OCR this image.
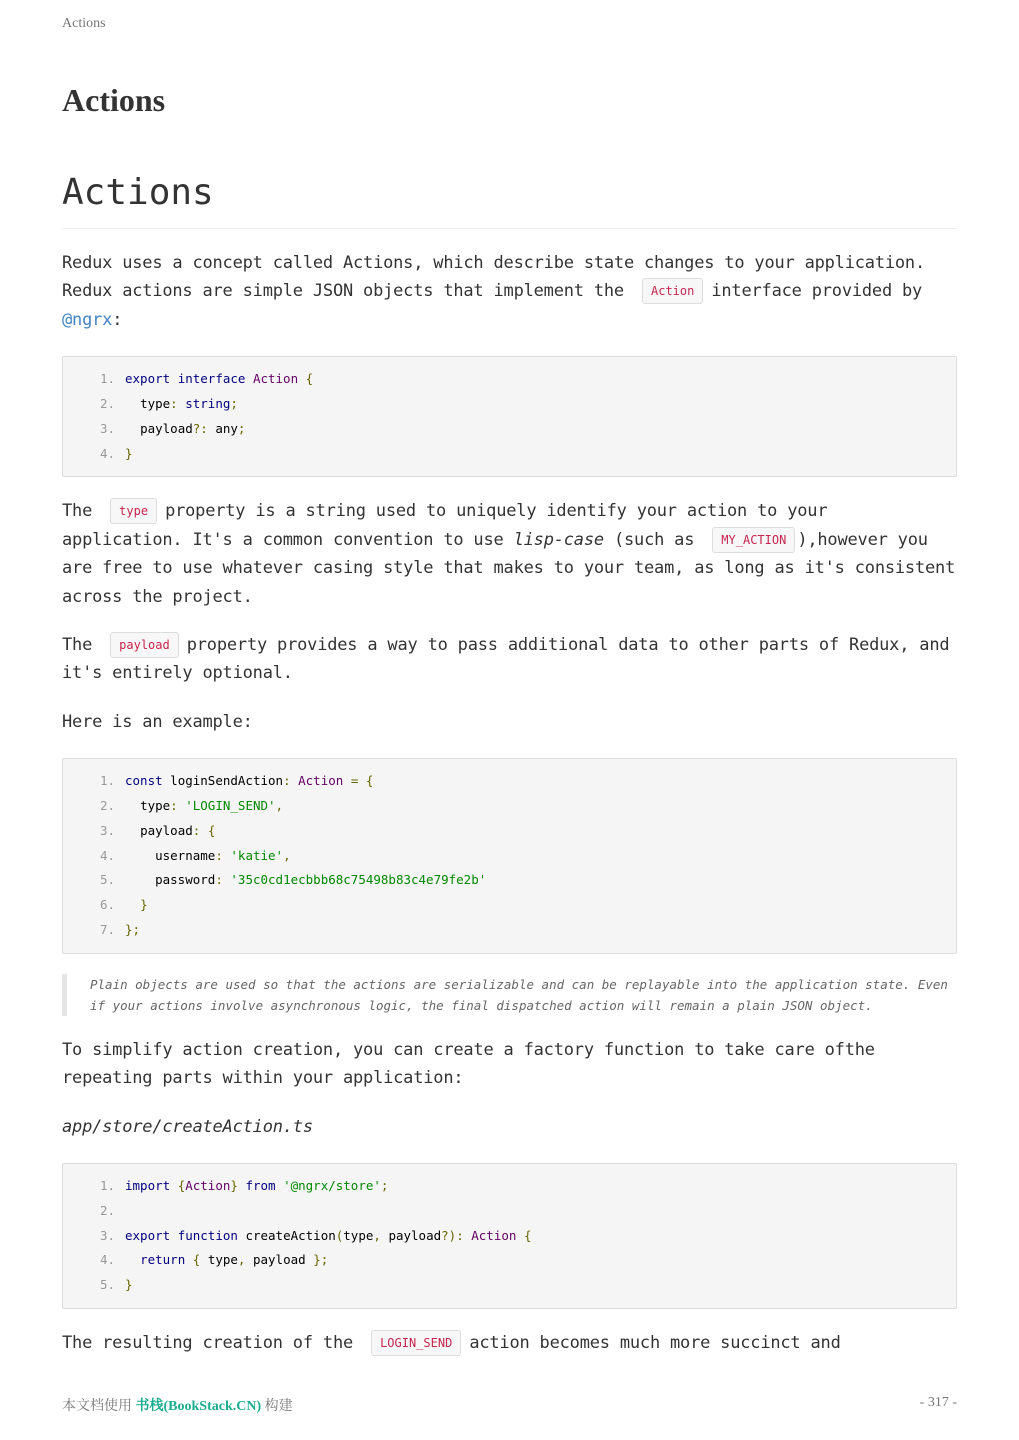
Actions
Actions
Actions

Redux uses a concept called Actions, which describe state changes to your application. Redux actions are simple JSON objects that implement the Action interface provided by @ngrx:

1. export interface Action {
2.	type: string;
3.	payload?: any;
4. }

The type property is a string used to uniquely identify your action to your application. It's a common convention to use lisp-case (such as MY_ACTION ),however you are free to use whatever casing style that makes to your team, as long as it's consistent across the project.

The payload property provides a way to pass additional data to other parts of Redux, and it's entirely optional.

Here is an example:

1. const loginSendAction: Action = {
2.	type: 'LOGIN_SEND',
3.	payload: {
4.	username: 'katie',
5.	password: '35c0cd1ecbbb68c75498b83c4e79fe2b'
6.	}
7. };
Plain objects are used so that the actions are serializable and can be replayable into the application state. Even if your actions involve asynchronous logic, the final dispatched action will remain a plain JSON object.

To simplify action creation, you can create a factory function to take care ofthe repeating parts within your application:

app/store/createAction.ts

1. import {Action} from '@ngrx/store';
2.
3. export function createAction(type, payload?): Action {
4.	return { type, payload };
5. }

The resulting creation of the LOGIN_SEND action becomes much more succinct and

本文档使用 书栈(BookStack.CN) 构建	- 317 -
